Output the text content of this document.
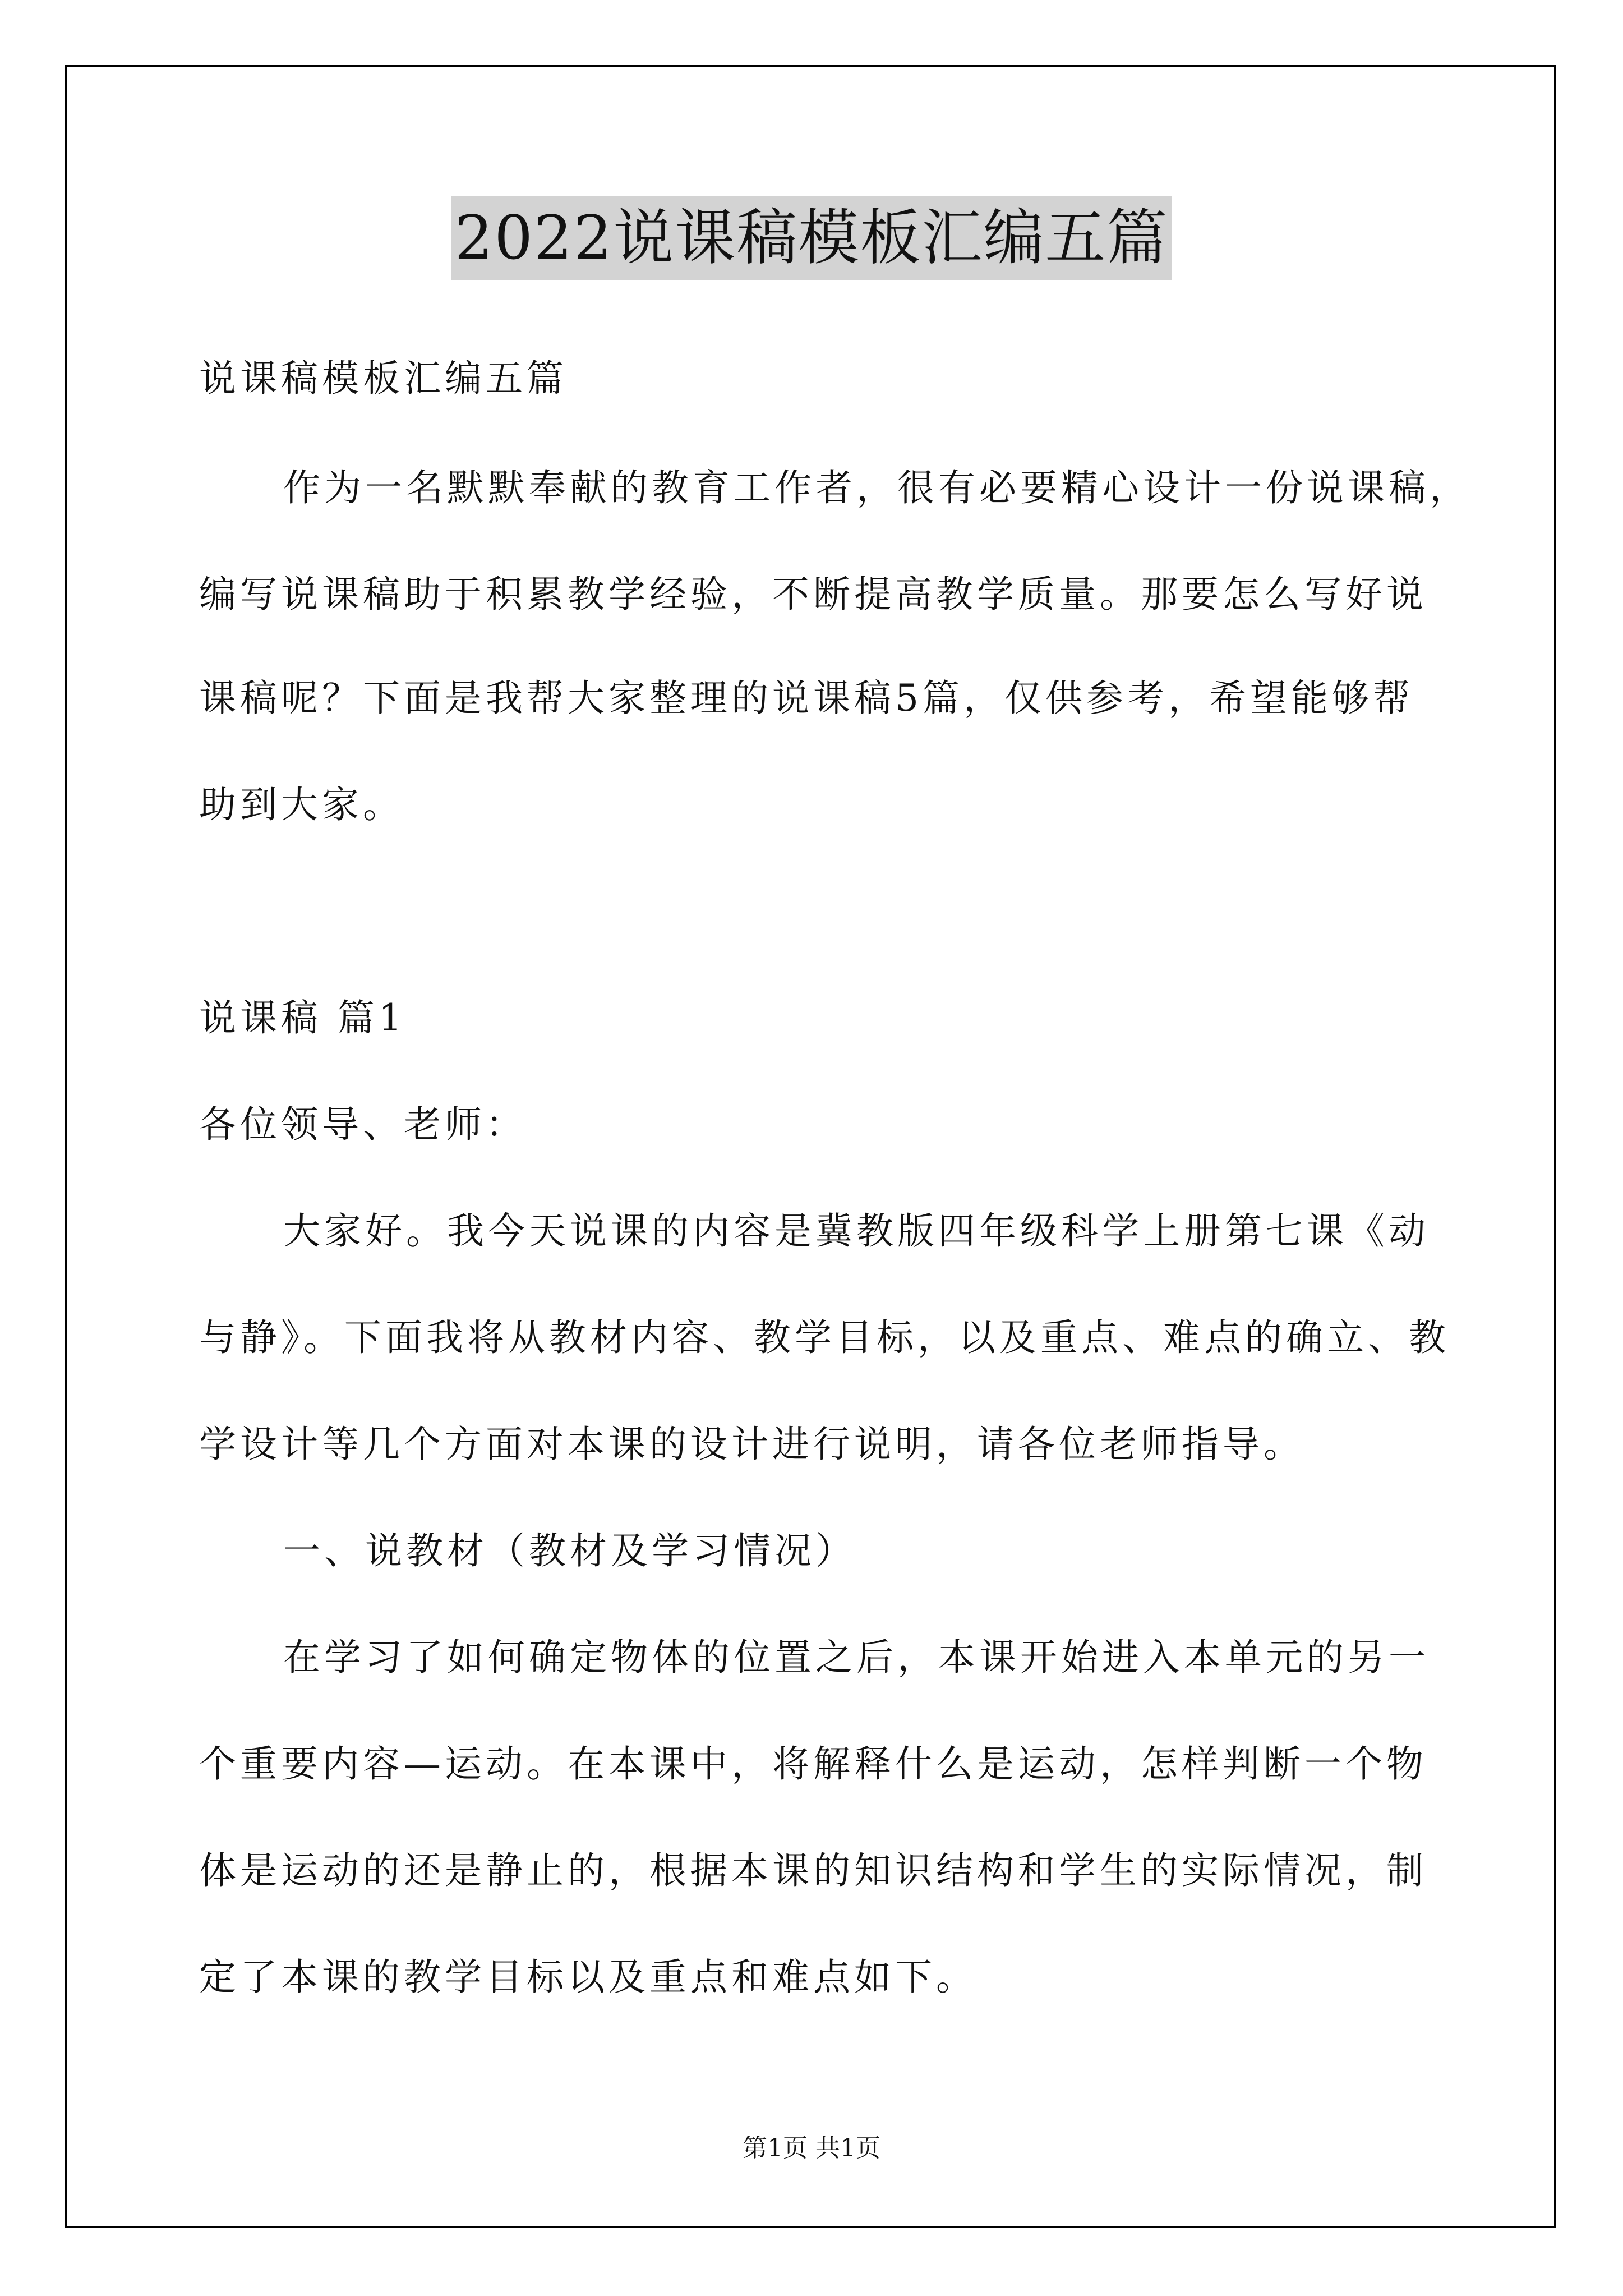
2022说课稿模板汇编五篇
说课稿模板汇编五篇
作为一名默默奉献的教育工作者，很有必要精心设计一份说课稿，
编写说课稿助于积累教学经验，不断提高教学质量。那要怎么写好说
课稿呢？下面是我帮大家整理的说课稿5篇，仅供参考，希望能够帮
助到大家。
说课稿 篇1
各位领导、老师：
大家好。我今天说课的内容是冀教版四年级科学上册第七课《动
与静》。下面我将从教材内容、教学目标，以及重点、难点的确立、教
学设计等几个方面对本课的设计进行说明，请各位老师指导。
一、说教材（教材及学习情况）
在学习了如何确定物体的位置之后，本课开始进入本单元的另一
个重要内容—运动。在本课中，将解释什么是运动，怎样判断一个物
体是运动的还是静止的，根据本课的知识结构和学生的实际情况，制
定了本课的教学目标以及重点和难点如下。
第1页 共1页
